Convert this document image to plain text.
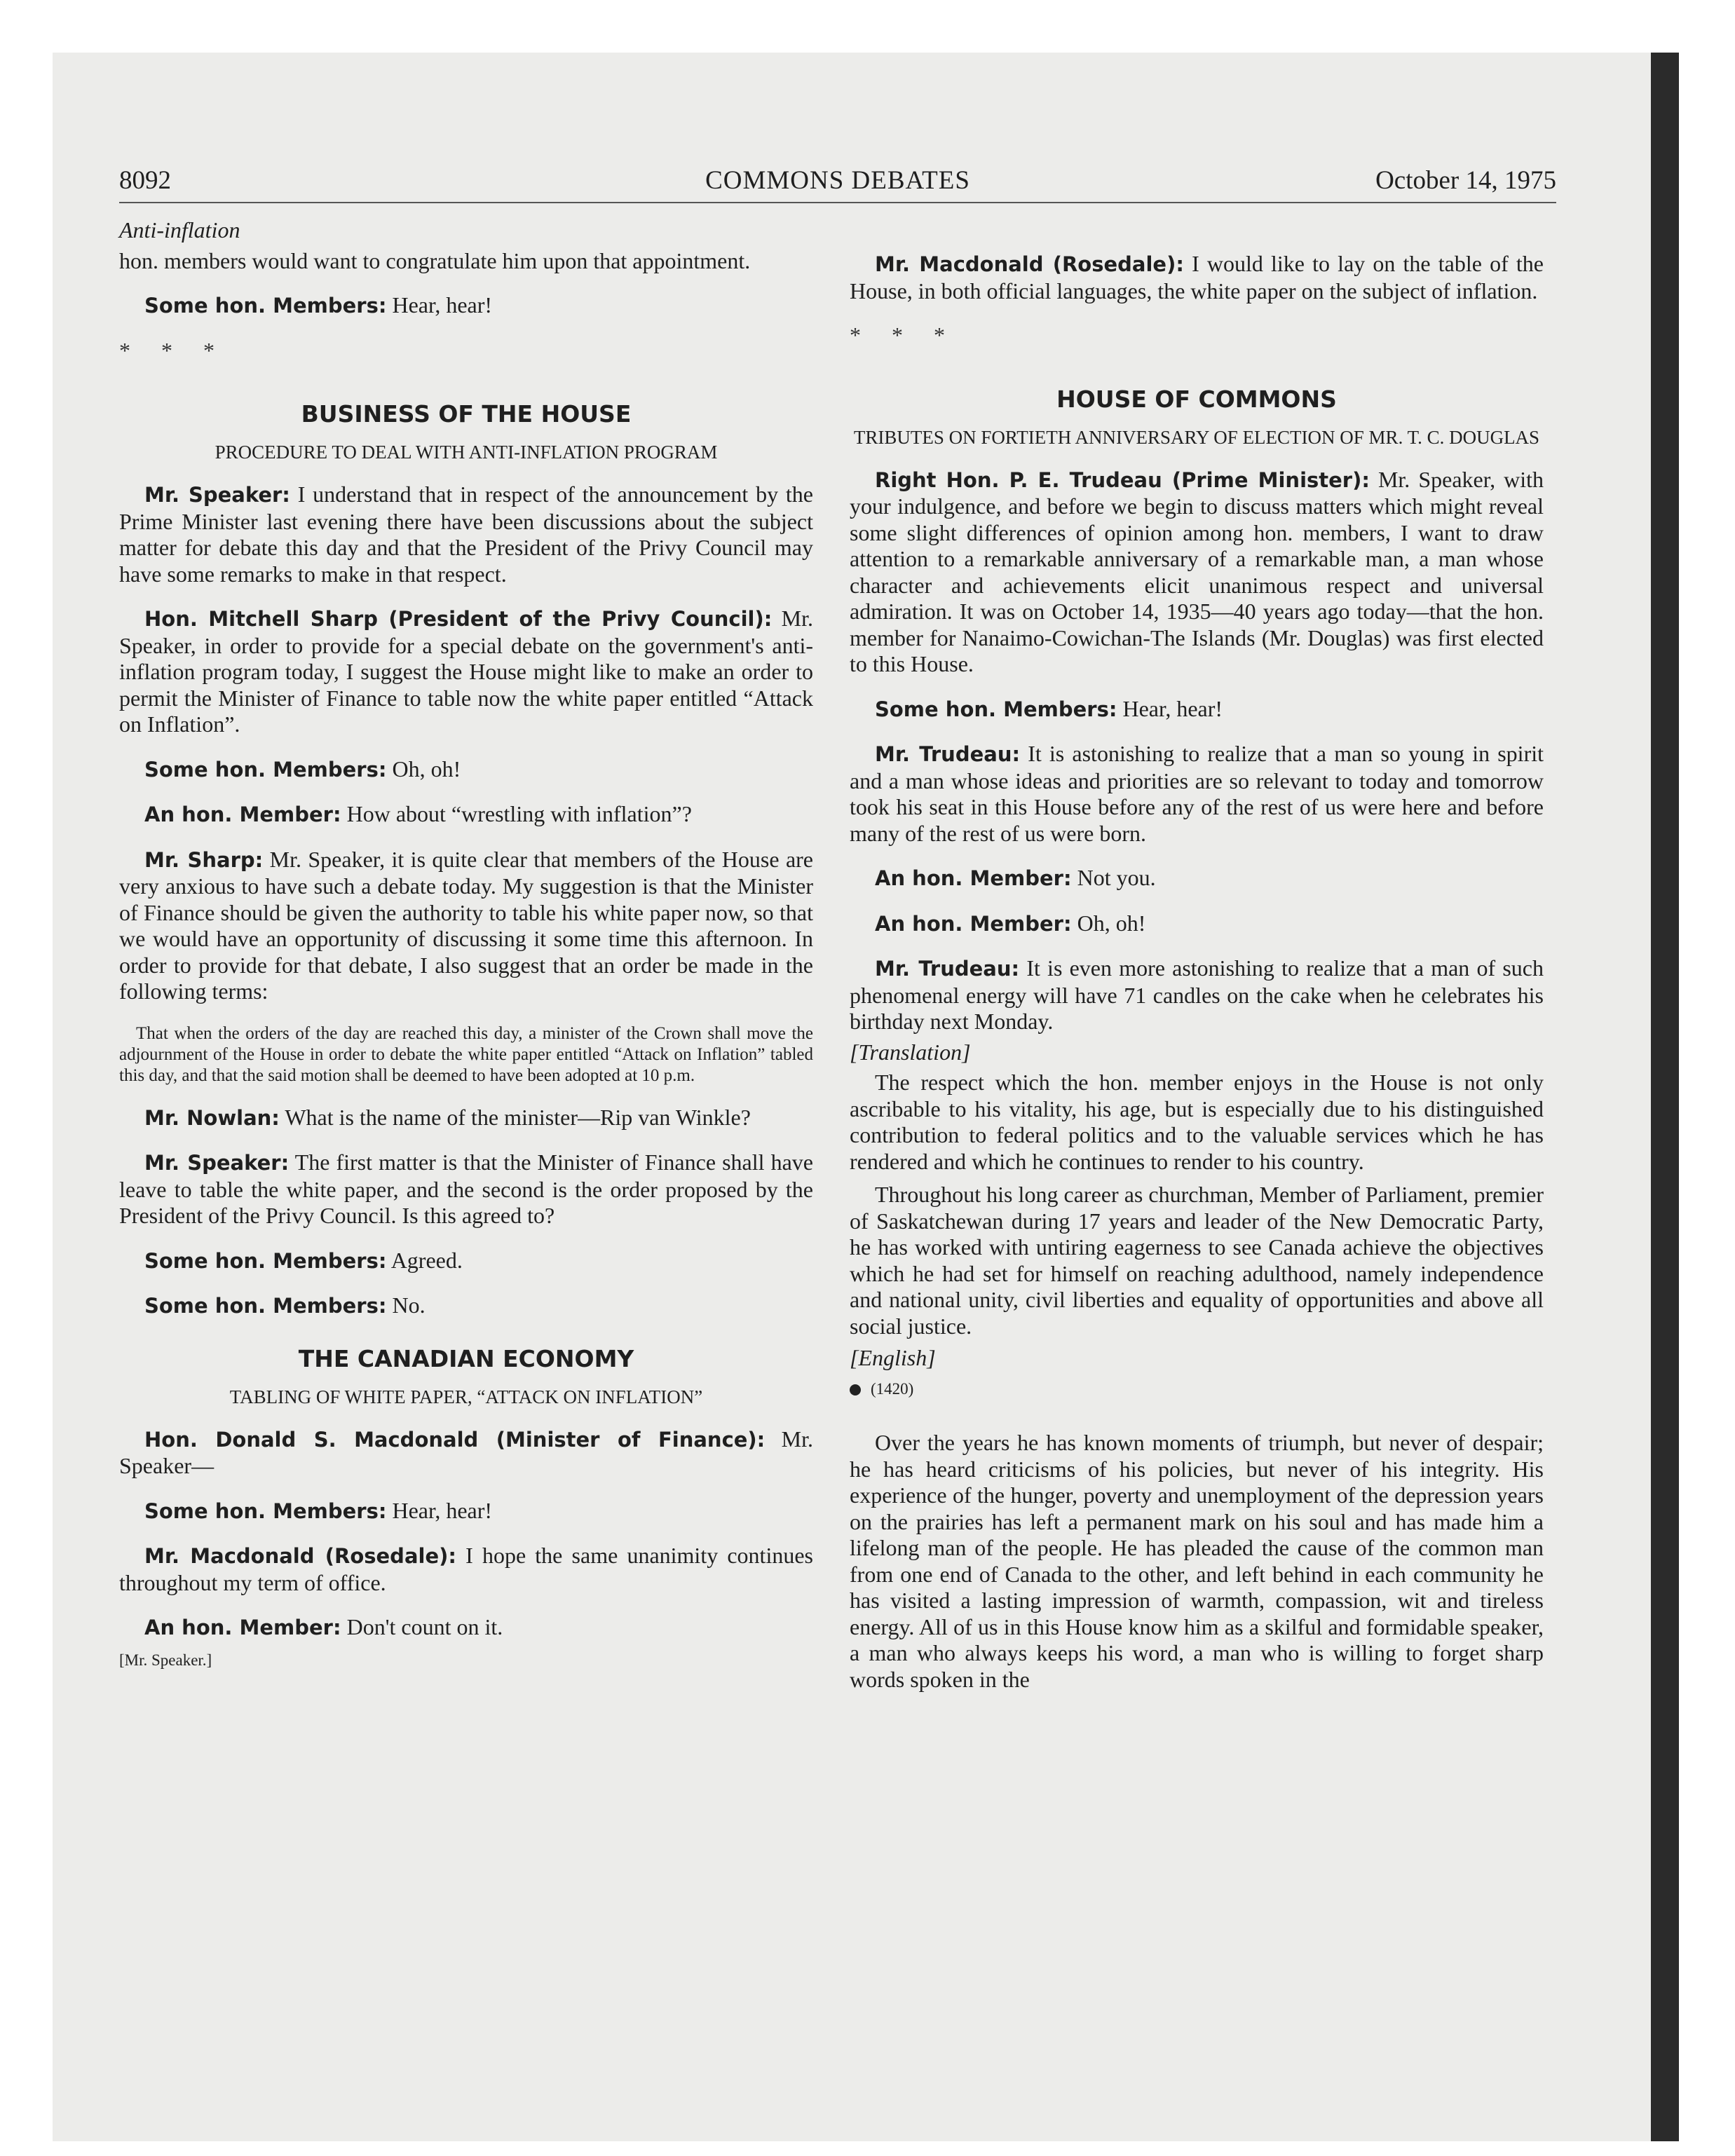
COMMONS DEBATES
8092	October 14, 1975

Anti-inflation

hon. members would want to congratulate him upon that appointment.

Some hon. Members: Hear, hear!

* * *

BUSINESS OF THE HOUSE
PROCEDURE TO DEAL WITH ANTI-INFLATION PROGRAM

Mr. Speaker: I understand that in respect of the announcement by the Prime Minister last evening there have been discussions about the subject matter for debate this day and that the President of the Privy Council may have some remarks to make in that respect.

Hon. Mitchell Sharp (President of the Privy Council): Mr. Speaker, in order to provide for a special debate on the government's anti-inflation program today, I suggest the House might like to make an order to permit the Minister of Finance to table now the white paper entitled “Attack on Inflation”.

Some hon. Members: Oh, oh!

An hon. Member: How about “wrestling with inflation”?

Mr. Sharp: Mr. Speaker, it is quite clear that members of the House are very anxious to have such a debate today. My suggestion is that the Minister of Finance should be given the authority to table his white paper now, so that we would have an opportunity of discussing it some time this afternoon. In order to provide for that debate, I also suggest that an order be made in the following terms:

That when the orders of the day are reached this day, a minister of the Crown shall move the adjournment of the House in order to debate the white paper entitled “Attack on Inflation” tabled this day, and that the said motion shall be deemed to have been adopted at 10 p.m.

Mr. Nowlan: What is the name of the minister—Rip van Winkle?

Mr. Speaker: The first matter is that the Minister of Finance shall have leave to table the white paper, and the second is the order proposed by the President of the Privy Council. Is this agreed to?

Some hon. Members: Agreed.

Some hon. Members: No.

THE CANADIAN ECONOMY
TABLING OF WHITE PAPER, “ATTACK ON INFLATION”

Hon. Donald S. Macdonald (Minister of Finance): Mr. Speaker—

Some hon. Members: Hear, hear!

Mr. Macdonald (Rosedale): I hope the same unanimity continues throughout my term of office.

An hon. Member: Don't count on it.

[Mr. Speaker.]

Mr. Macdonald (Rosedale): I would like to lay on the table of the House, in both official languages, the white paper on the subject of inflation.

* * *

HOUSE OF COMMONS
TRIBUTES ON FORTIETH ANNIVERSARY OF ELECTION OF MR. T. C. DOUGLAS

Right Hon. P. E. Trudeau (Prime Minister): Mr. Speaker, with your indulgence, and before we begin to discuss matters which might reveal some slight differences of opinion among hon. members, I want to draw attention to a remarkable anniversary of a remarkable man, a man whose character and achievements elicit unanimous respect and universal admiration. It was on October 14, 1935—40 years ago today—that the hon. member for Nanaimo-Cowichan-The Islands (Mr. Douglas) was first elected to this House.

Some hon. Members: Hear, hear!

Mr. Trudeau: It is astonishing to realize that a man so young in spirit and a man whose ideas and priorities are so relevant to today and tomorrow took his seat in this House before any of the rest of us were here and before many of the rest of us were born.

An hon. Member: Not you.

An hon. Member: Oh, oh!

Mr. Trudeau: It is even more astonishing to realize that a man of such phenomenal energy will have 71 candles on the cake when he celebrates his birthday next Monday.

[Translation]

The respect which the hon. member enjoys in the House is not only ascribable to his vitality, his age, but is especially due to his distinguished contribution to federal politics and to the valuable services which he has rendered and which he continues to render to his country.

Throughout his long career as churchman, Member of Parliament, premier of Saskatchewan during 17 years and leader of the New Democratic Party, he has worked with untiring eagerness to see Canada achieve the objectives which he had set for himself on reaching adulthood, namely independence and national unity, civil liberties and equality of opportunities and above all social justice.

[English]

(1420)

Over the years he has known moments of triumph, but never of despair; he has heard criticisms of his policies, but never of his integrity. His experience of the hunger, poverty and unemployment of the depression years on the prairies has left a permanent mark on his soul and has made him a lifelong man of the people. He has pleaded the cause of the common man from one end of Canada to the other, and left behind in each community he has visited a lasting impression of warmth, compassion, wit and tireless energy. All of us in this House know him as a skilful and formidable speaker, a man who always keeps his word, a man who is willing to forget sharp words spoken in the
